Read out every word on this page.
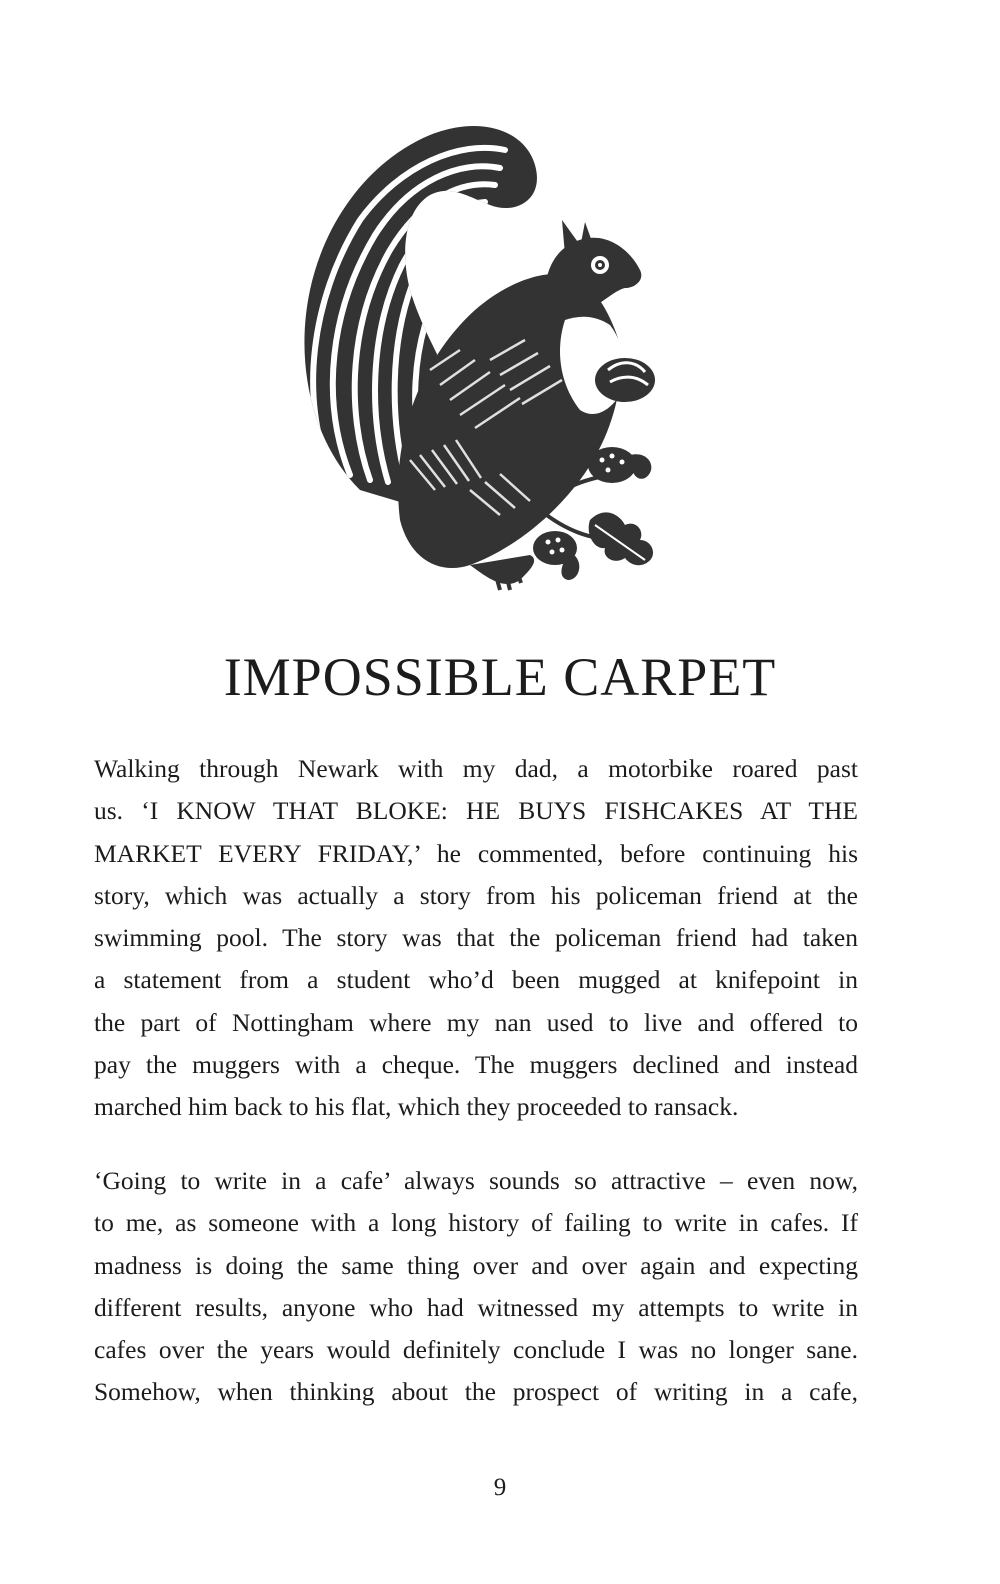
IMPOSSIBLE CARPET

Walking through Newark with my dad, a motorbike roared past
us. ‘I KNOW THAT BLOKE: HE BUYS FISHCAKES AT THE
MARKET EVERY FRIDAY,’ he commented, before continuing his
story, which was actually a story from his policeman friend at the
swimming pool. The story was that the policeman friend had taken
a statement from a student who’d been mugged at knifepoint in
the part of Nottingham where my nan used to live and offered to
pay the muggers with a cheque. The muggers declined and instead
marched him back to his flat, which they proceeded to ransack.

‘Going to write in a cafe’ always sounds so attractive – even now,
to me, as someone with a long history of failing to write in cafes. If
madness is doing the same thing over and over again and expecting
different results, anyone who had witnessed my attempts to write in
cafes over the years would definitely conclude I was no longer sane.
Somehow, when thinking about the prospect of writing in a cafe,

9
